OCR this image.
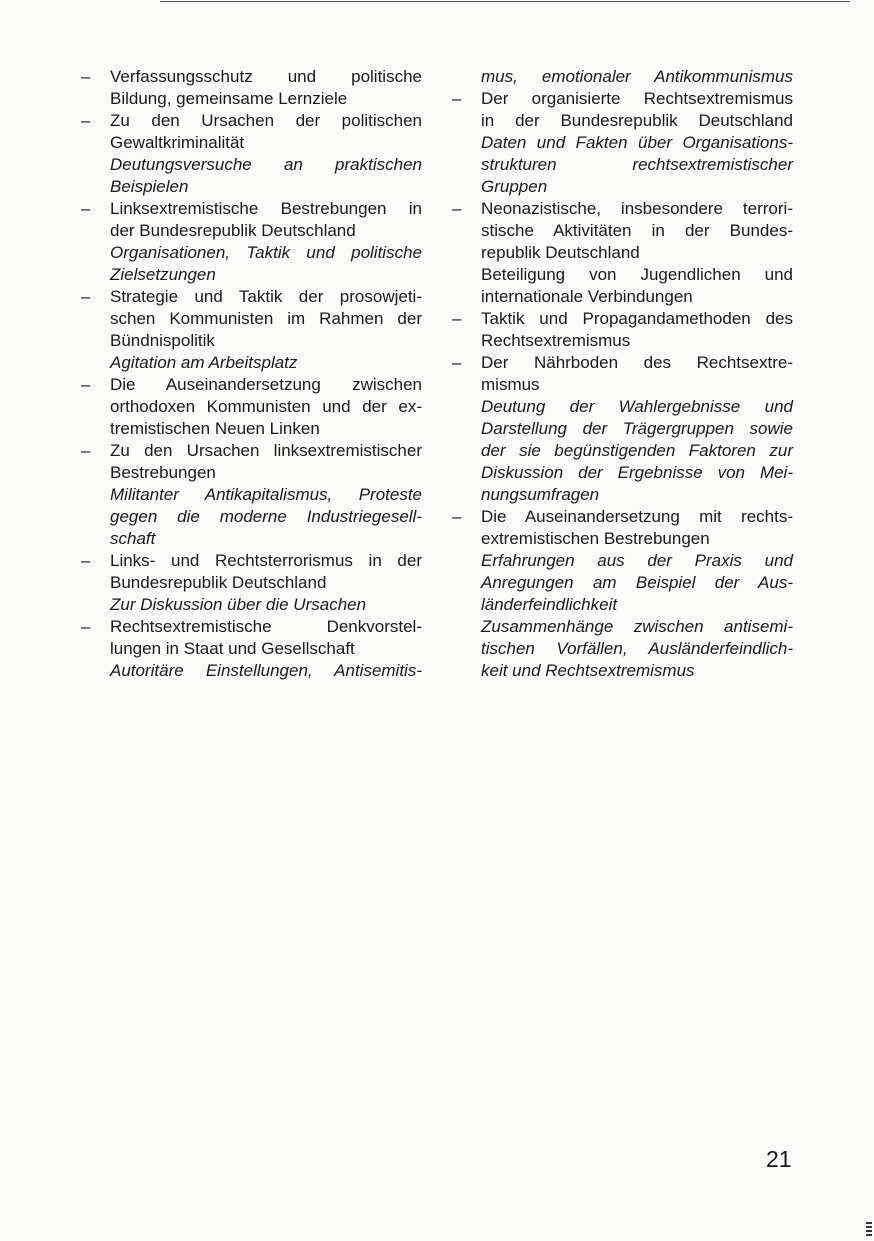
– Verfassungsschutz und politische
Bildung, gemeinsame Lernziele
– Zu den Ursachen der politischen
Gewaltkriminalität
Deutungsversuche an praktischen
Beispielen
– Linksextremistische Bestrebungen in
der Bundesrepublik Deutschland
Organisationen, Taktik und politische
Zielsetzungen
– Strategie und Taktik der prosowjeti-
schen Kommunisten im Rahmen der
Bündnispolitik
Agitation am Arbeitsplatz
– Die Auseinandersetzung zwischen
orthodoxen Kommunisten und der ex-
tremistischen Neuen Linken
– Zu den Ursachen linksextremistischer
Bestrebungen
Militanter Antikapitalismus, Proteste
gegen die moderne Industriegesell-
schaft
– Links- und Rechtsterrorismus in der
Bundesrepublik Deutschland
Zur Diskussion über die Ursachen
– Rechtsextremistische Denkvorstel-
lungen in Staat und Gesellschaft
Autoritäre Einstellungen, Antisemitis-
mus, emotionaler Antikommunismus
– Der organisierte Rechtsextremismus
in der Bundesrepublik Deutschland
Daten und Fakten über Organisations-
strukturen rechtsextremistischer
Gruppen
– Neonazistische, insbesondere terrori-
stische Aktivitäten in der Bundes-
republik Deutschland
Beteiligung von Jugendlichen und
internationale Verbindungen
– Taktik und Propagandamethoden des
Rechtsextremismus
– Der Nährboden des Rechtsextre-
mismus
Deutung der Wahlergebnisse und
Darstellung der Trägergruppen sowie
der sie begünstigenden Faktoren zur
Diskussion der Ergebnisse von Mei-
nungsumfragen
– Die Auseinandersetzung mit rechts-
extremistischen Bestrebungen
Erfahrungen aus der Praxis und
Anregungen am Beispiel der Aus-
länderfeindlichkeit
Zusammenhänge zwischen antisemi-
tischen Vorfällen, Ausländerfeindlich-
keit und Rechtsextremismus
21
